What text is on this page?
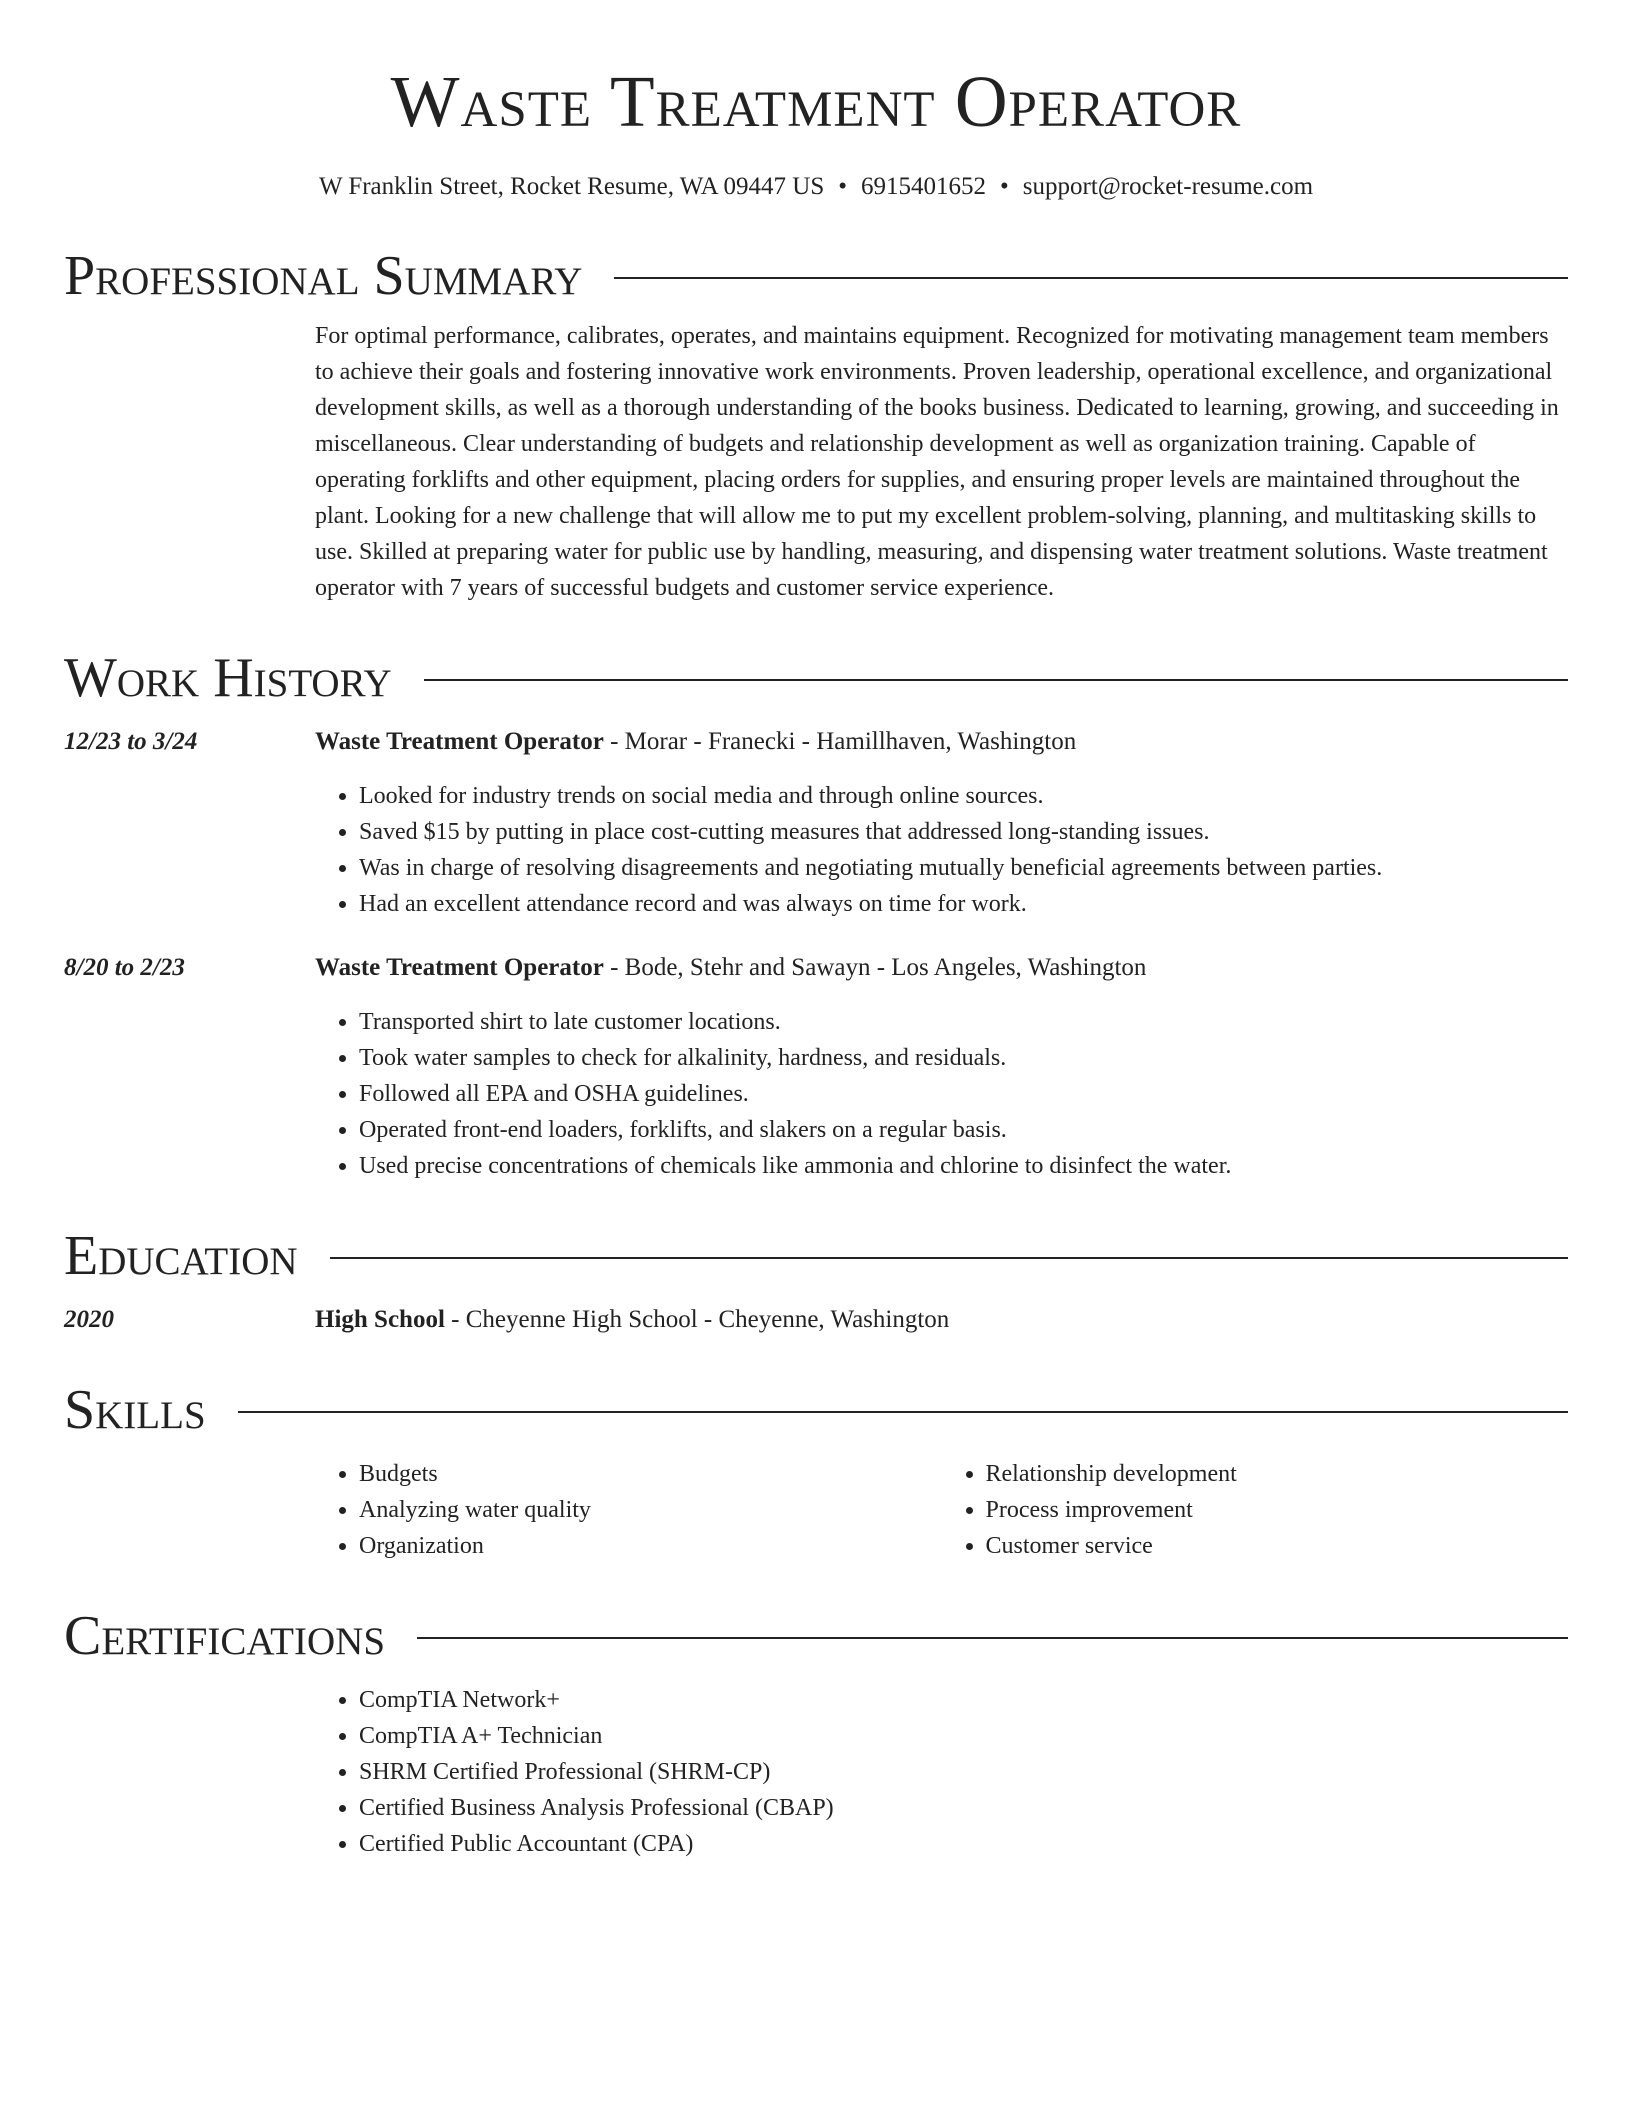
Waste Treatment Operator
W Franklin Street, Rocket Resume, WA 09447 US • 6915401652 • support@rocket-resume.com
Professional Summary

For optimal performance, calibrates, operates, and maintains equipment. Recognized for motivating management team members to achieve their goals and fostering innovative work environments. Proven leadership, operational excellence, and organizational development skills, as well as a thorough understanding of the books business. Dedicated to learning, growing, and succeeding in miscellaneous. Clear understanding of budgets and relationship development as well as organization training. Capable of operating forklifts and other equipment, placing orders for supplies, and ensuring proper levels are maintained throughout the plant. Looking for a new challenge that will allow me to put my excellent problem-solving, planning, and multitasking skills to use. Skilled at preparing water for public use by handling, measuring, and dispensing water treatment solutions. Waste treatment operator with 7 years of successful budgets and customer service experience.

Work History
12/23 to 3/24	Waste Treatment Operator - Morar - Franecki - Hamillhaven, Washington
• Looked for industry trends on social media and through online sources.
• Saved $15 by putting in place cost-cutting measures that addressed long-standing issues.
• Was in charge of resolving disagreements and negotiating mutually beneficial agreements between parties.
• Had an excellent attendance record and was always on time for work.
8/20 to 2/23	Waste Treatment Operator - Bode, Stehr and Sawayn - Los Angeles, Washington
• Transported shirt to late customer locations.
• Took water samples to check for alkalinity, hardness, and residuals.
• Followed all EPA and OSHA guidelines.
• Operated front-end loaders, forklifts, and slakers on a regular basis.
• Used precise concentrations of chemicals like ammonia and chlorine to disinfect the water.
Education
2020	High School - Cheyenne High School - Cheyenne, Washington
Skills
• Budgets
• Analyzing water quality
• Organization
• Relationship development
• Process improvement
• Customer service
Certifications
• CompTIA Network+
• CompTIA A+ Technician
• SHRM Certified Professional (SHRM-CP)
• Certified Business Analysis Professional (CBAP)
• Certified Public Accountant (CPA)
